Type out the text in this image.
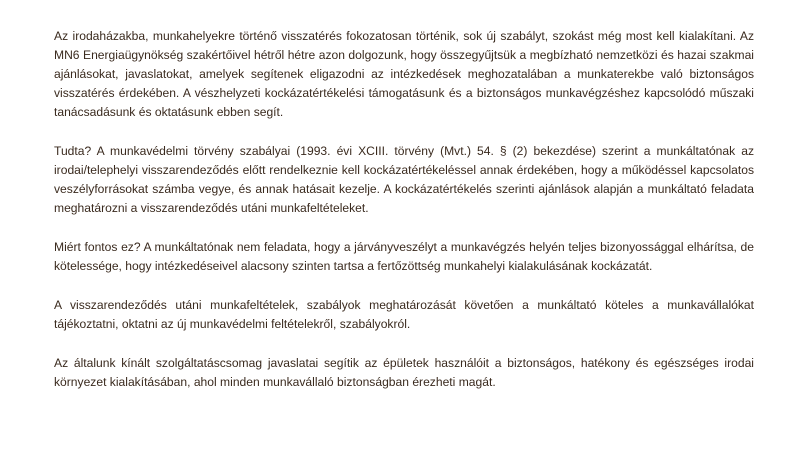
Az irodaházakba, munkahelyekre történő visszatérés fokozatosan történik, sok új szabályt, szokást még most kell kialakítani. Az MN6 Energiaügynökség szakértőivel hétről hétre azon dolgozunk, hogy összegyűjtsük a megbízható nemzetközi és hazai szakmai ajánlásokat, javaslatokat, amelyek segítenek eligazodni az intézkedések meghozatalában a munkaterekbe való biztonságos visszatérés érdekében. A vészhelyzeti kockázatértékelési támogatásunk és a biztonságos munkavégzéshez kapcsolódó műszaki tanácsadásunk és oktatásunk ebben segít.

Tudta? A munkavédelmi törvény szabályai (1993. évi XCIII. törvény (Mvt.) 54. § (2) bekezdése) szerint a munkáltatónak az irodai/telephelyi visszarendeződés előtt rendelkeznie kell kockázatértékeléssel annak érdekében, hogy a működéssel kapcsolatos veszélyforrásokat számba vegye, és annak hatásait kezelje. A kockázatértékelés szerinti ajánlások alapján a munkáltató feladata meghatározni a visszarendeződés utáni munkafeltételeket.

Miért fontos ez? A munkáltatónak nem feladata, hogy a járványveszélyt a munkavégzés helyén teljes bizonyossággal elhárítsa, de kötelessége, hogy intézkedéseivel alacsony szinten tartsa a fertőzöttség munkahelyi kialakulásának kockázatát.

A visszarendeződés utáni munkafeltételek, szabályok meghatározását követően a munkáltató köteles a munkavállalókat tájékoztatni, oktatni az új munkavédelmi feltételekről, szabályokról.

Az általunk kínált szolgáltatáscsomag javaslatai segítik az épületek használóit a biztonságos, hatékony és egészséges irodai környezet kialakításában, ahol minden munkavállaló biztonságban érezheti magát.
